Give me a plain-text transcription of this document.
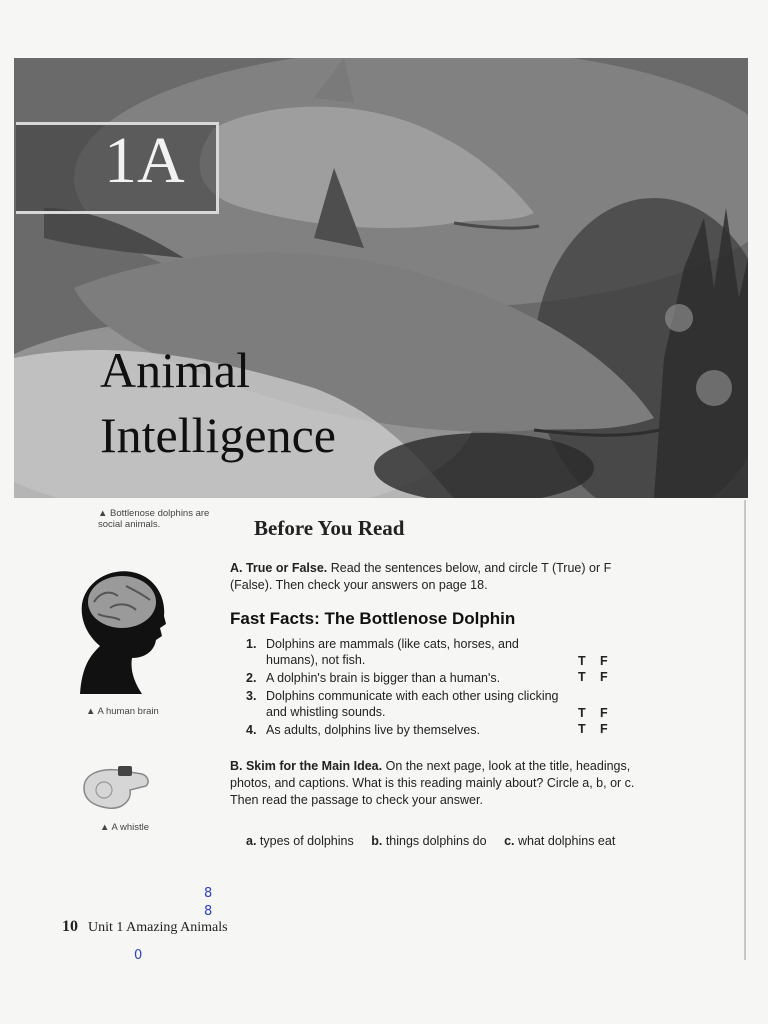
1A
Animal
Intelligence
▲ Bottlenose dolphins are social animals.
▲ A human brain
▲ A whistle
Before You Read
A. True or False. Read the sentences below, and circle T (True) or F (False). Then check your answers on page 18.
Fast Facts: The Bottlenose Dolphin
1. Dolphins are mammals (like cats, horses, and humans), not fish.	T F
2. A dolphin's brain is bigger than a human's.	T F
3. Dolphins communicate with each other using clicking and whistling sounds.	T F
4. As adults, dolphins live by themselves.	T F
B. Skim for the Main Idea. On the next page, look at the title, headings, photos, and captions. What is this reading mainly about? Circle a, b, or c. Then read the passage to check your answer.
a. types of dolphins b. things dolphins do c. what dolphins eat
8
8
0
10 Unit 1 Amazing Animals
